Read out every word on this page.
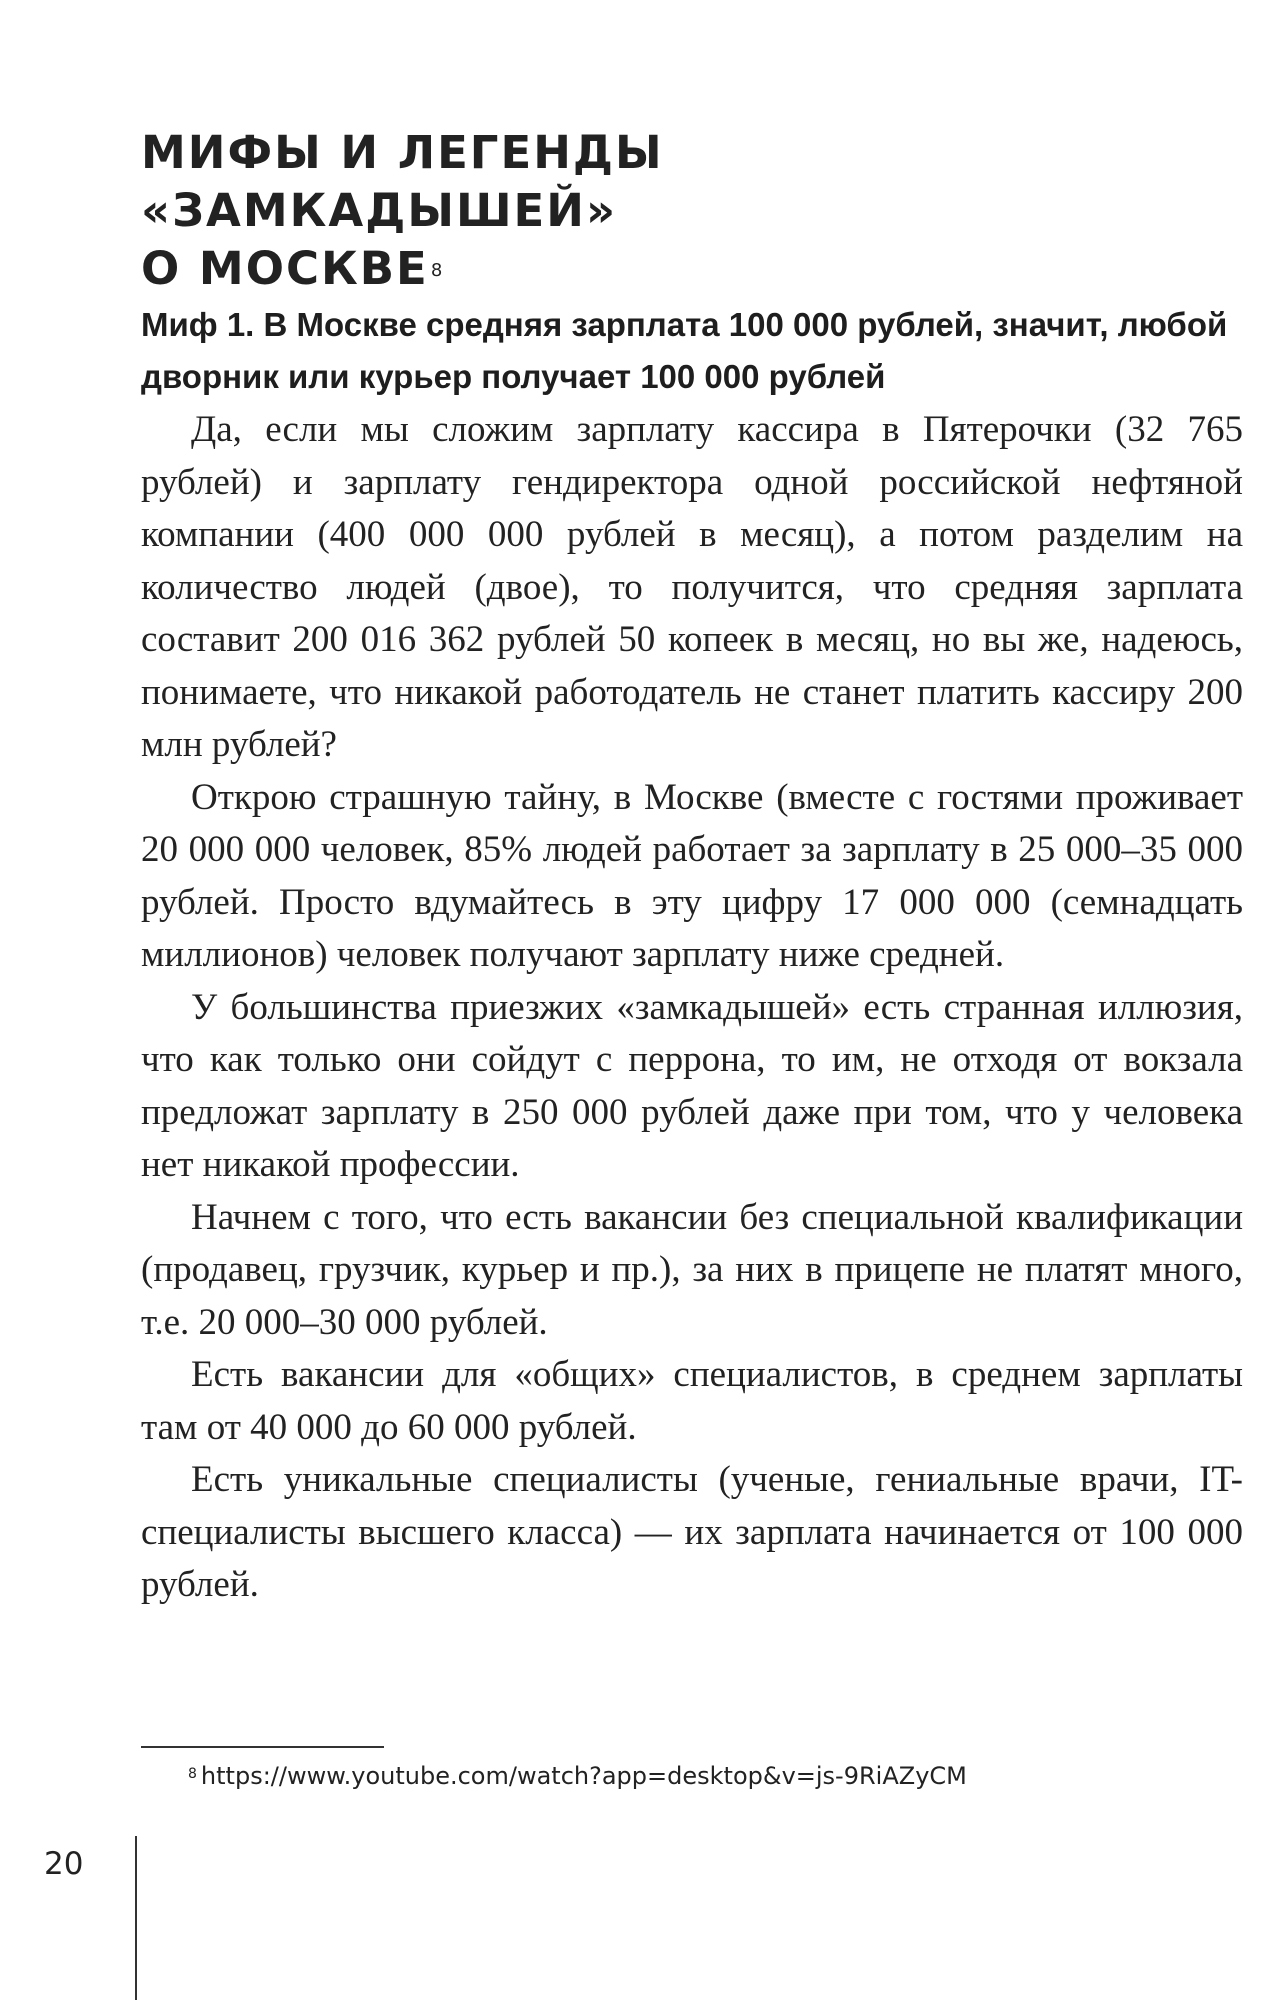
МИФЫ И ЛЕГЕНДЫ «ЗАМКАДЫШЕЙ»
О МОСКВЕ $^8$
Миф 1. В Москве средняя зарплата 100 000 рублей, значит, любой дворник или курьер получает 100 000 рублей

Да, если мы сложим зарплату кассира в Пятерочки (32 765 рублей) и зарплату гендиректора одной российской нефтяной компании (400 000 000 рублей в месяц), а потом разделим на количество людей (двое), то получится, что средняя зарплата составит 200 016 362 рублей 50 копеек в месяц, но вы же, надеюсь, понимаете, что никакой работодатель не станет платить кассиру 200 млн рублей?

Открою страшную тайну, в Москве (вместе с гостями проживает 20 000 000 человек, 85% людей работает за зарплату в 25 000–35 000 рублей. Просто вдумайтесь в эту цифру 17 000 000 (семнадцать миллионов) человек получают зарплату ниже средней.

У большинства приезжих «замкадышей» есть странная иллюзия, что как только они сойдут с перрона, то им, не отходя от вокзала предложат зарплату в 250 000 рублей даже при том, что у человека нет никакой профессии.

Начнем с того, что есть вакансии без специальной квалификации (продавец, грузчик, курьер и пр.), за них в прицепе не платят много, т.е. 20 000–30 000 рублей.

Есть вакансии для «общих» специалистов, в среднем зарплаты там от 40 000 до 60 000 рублей.

Есть уникальные специалисты (ученые, гениальные врачи, IT-специалисты высшего класса) — их зарплата начинается от 100 000 рублей.

$^8$ https://www.youtube.com/watch?app=desktop&v=js-9RiAZyCM
20
